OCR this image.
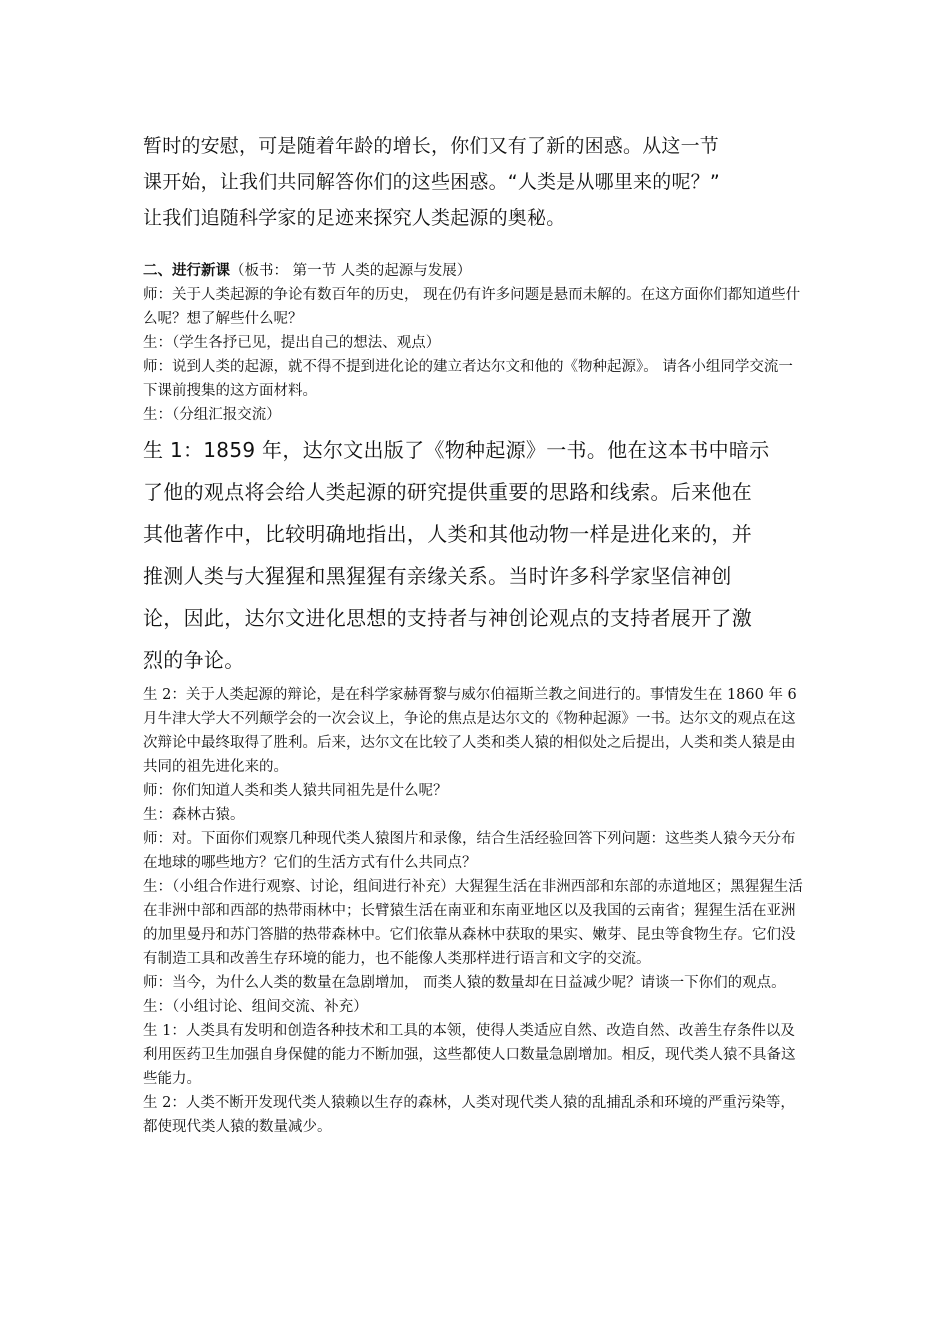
暂时的安慰，可是随着年龄的增长，你们又有了新的困惑。从这一节

课开始，让我们共同解答你们的这些困惑。“人类是从哪里来的呢？”

让我们追随科学家的足迹来探究人类起源的奥秘。

二、进行新课（板书： 第一节 人类的起源与发展）

师：关于人类起源的争论有数百年的历史， 现在仍有许多问题是悬而未解的。在这方面你们都知道些什么呢？想了解些什么呢？

生：（学生各抒已见，提出自己的想法、观点）

师：说到人类的起源，就不得不提到进化论的建立者达尔文和他的《物种起源》。 请各小组同学交流一下课前搜集的这方面材料。

生：（分组汇报交流）

生 1：1859 年，达尔文出版了《物种起源》一书。他在这本书中暗示

了他的观点将会给人类起源的研究提供重要的思路和线索。后来他在

其他著作中，比较明确地指出，人类和其他动物一样是进化来的，并

推测人类与大猩猩和黑猩猩有亲缘关系。当时许多科学家坚信神创

论，因此，达尔文进化思想的支持者与神创论观点的支持者展开了激

烈的争论。

生 2：关于人类起源的辩论，是在科学家赫胥黎与威尔伯福斯兰教之间进行的。事情发生在 1860 年 6 月牛津大学大不列颠学会的一次会议上，争论的焦点是达尔文的《物种起源》一书。达尔文的观点在这次辩论中最终取得了胜利。后来，达尔文在比较了人类和类人猿的相似处之后提出，人类和类人猿是由共同的祖先进化来的。

师：你们知道人类和类人猿共同祖先是什么呢？

生：森林古猿。

师：对。下面你们观察几种现代类人猿图片和录像，结合生活经验回答下列问题：这些类人猿今天分布在地球的哪些地方？它们的生活方式有什么共同点？

生：（小组合作进行观察、讨论，组间进行补充）大猩猩生活在非洲西部和东部的赤道地区；黑猩猩生活在非洲中部和西部的热带雨林中；长臂猿生活在南亚和东南亚地区以及我国的云南省；猩猩生活在亚洲的加里曼丹和苏门答腊的热带森林中。它们依靠从森林中获取的果实、嫩芽、昆虫等食物生存。它们没有制造工具和改善生存环境的能力，也不能像人类那样进行语言和文字的交流。

师：当今，为什么人类的数量在急剧增加， 而类人猿的数量却在日益减少呢？请谈一下你们的观点。

生：（小组讨论、组间交流、补充）

生 1：人类具有发明和创造各种技术和工具的本领，使得人类适应自然、改造自然、改善生存条件以及利用医药卫生加强自身保健的能力不断加强，这些都使人口数量急剧增加。相反，现代类人猿不具备这些能力。

生 2：人类不断开发现代类人猿赖以生存的森林，人类对现代类人猿的乱捕乱杀和环境的严重污染等，都使现代类人猿的数量减少。
